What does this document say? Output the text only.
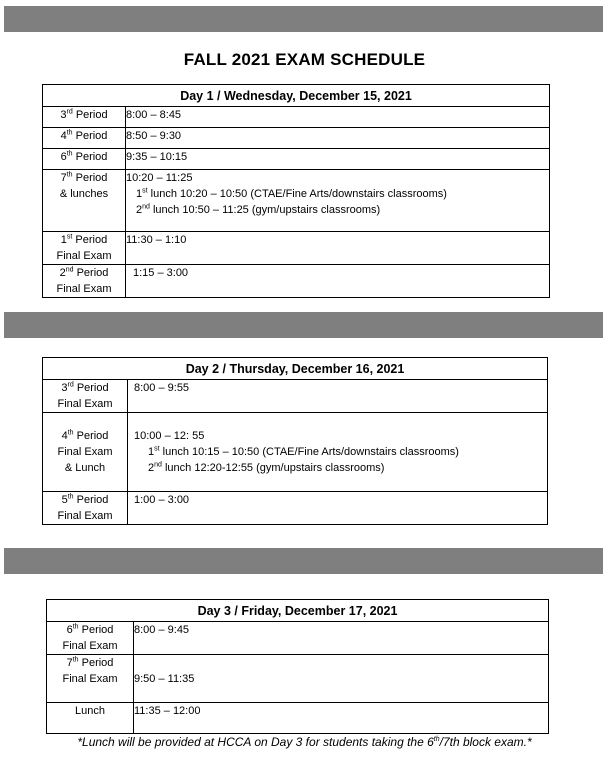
FALL 2021 EXAM SCHEDULE
Day 1 / Wednesday, December 15, 2021	
3rd Period	8:00 – 8:45
4th Period	8:50 – 9:30
6th Period	9:35 – 10:15

7th Period
& lunches	10:20 – 11:25
1st lunch 10:20 – 10:50 (CTAE/Fine Arts/downstairs classrooms)
2nd lunch 10:50 – 11:25 (gym/upstairs classrooms)

1st Period
Final Exam	11:30 – 1:10

2nd Period
Final Exam	1:15 – 3:00
Day 2 / Thursday, December 16, 2021	

3rd Period
Final Exam	8:00 – 9:55

4th Period
Final Exam
& Lunch	10:00 – 12: 55
1st lunch 10:15 – 10:50 (CTAE/Fine Arts/downstairs classrooms)
2nd lunch 12:20-12:55 (gym/upstairs classrooms)

5th Period
Final Exam	1:00 – 3:00
Day 3 / Friday, December 17, 2021	

6th Period
Final Exam	8:00 – 9:45

7th Period
Final Exam	9:50 – 11:35
Lunch	11:35 – 12:00
*Lunch will be provided at HCCA on Day 3 for students taking the 6th/7th block exam.*
